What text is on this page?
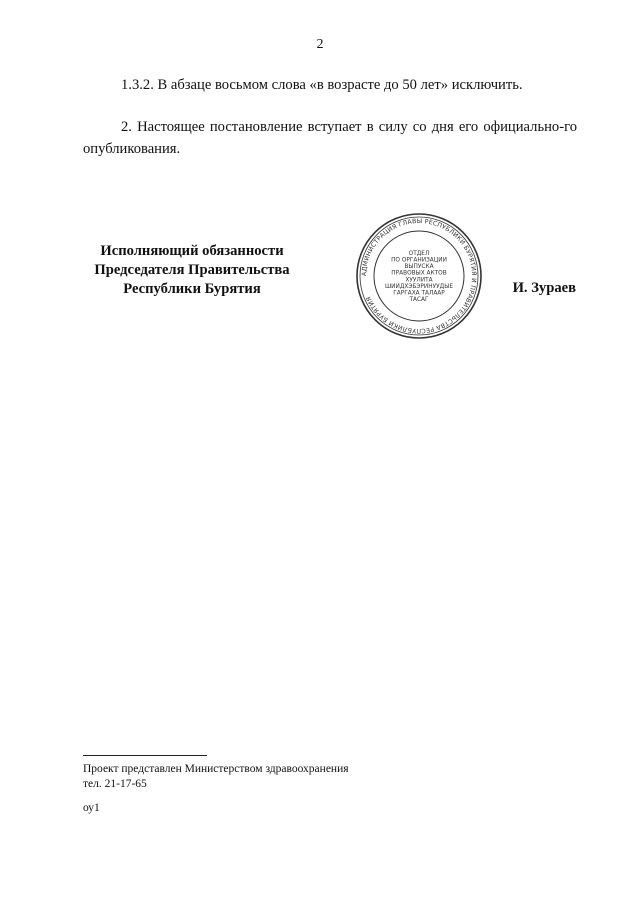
2

1.3.2. В абзаце восьмом слова «в возрасте до 50 лет» исключить.

2. Настоящее постановление вступает в силу со дня его официально-го опубликования.

Исполняющий обязанности
Председателя Правительства
Республики Бурятия
АДМИНИСТРАЦИЯ ГЛАВЫ РЕСПУБЛИКИ БУРЯТИЯ И ПРАВИТЕЛЬСТВА РЕСПУБЛИКИ БУРЯТИЯ
ОТДЕЛ
ПО ОРГАНИЗАЦИИ
ВЫПУСКА
ПРАВОВЫХ АКТОВ
ХУУЛИТА
ШИИДХЭБЭРИНУУДЫЕ
ГАРГАХА ТАЛААР
ТАСАГ
И. Зураев
Проект представлен Министерством здравоохранения
тел. 21-17-65
оу1
